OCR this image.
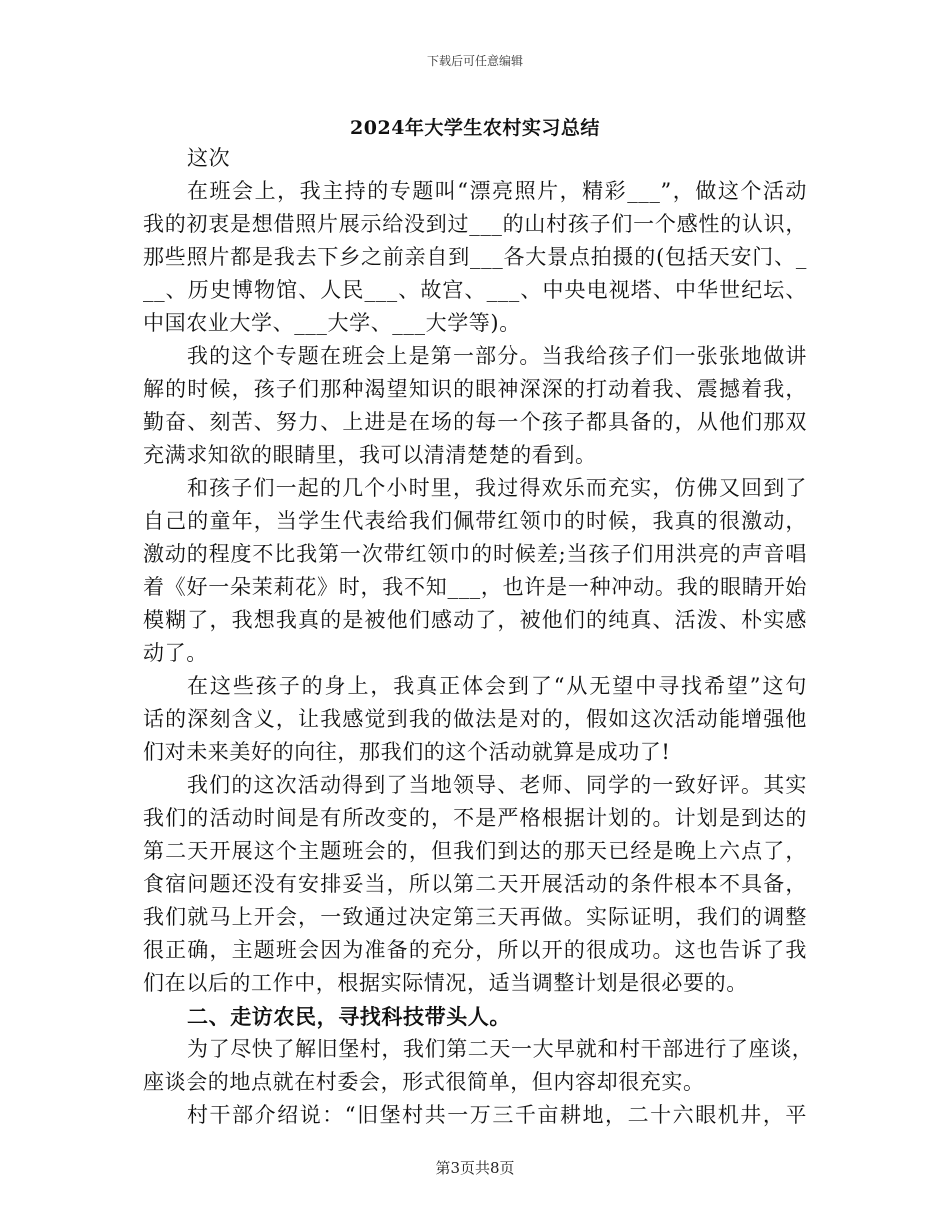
下载后可任意编辑
2024年大学生农村实习总结
这次
在班会上，我主持的专题叫“漂亮照片，精彩___”，做这个活动
我的初衷是想借照片展示给没到过___的山村孩子们一个感性的认识，
那些照片都是我去下乡之前亲自到___各大景点拍摄的(包括天安门、_
__、历史博物馆、人民___、故宫、___、中央电视塔、中华世纪坛、
中国农业大学、___大学、___大学等)。
我的这个专题在班会上是第一部分。当我给孩子们一张张地做讲
解的时候，孩子们那种渴望知识的眼神深深的打动着我、震撼着我，
勤奋、刻苦、努力、上进是在场的每一个孩子都具备的，从他们那双
充满求知欲的眼睛里，我可以清清楚楚的看到。
和孩子们一起的几个小时里，我过得欢乐而充实，仿佛又回到了
自己的童年，当学生代表给我们佩带红领巾的时候，我真的很激动，
激动的程度不比我第一次带红领巾的时候差;当孩子们用洪亮的声音唱
着《好一朵茉莉花》时，我不知___，也许是一种冲动。我的眼睛开始
模糊了，我想我真的是被他们感动了，被他们的纯真、活泼、朴实感
动了。
在这些孩子的身上，我真正体会到了“从无望中寻找希望”这句
话的深刻含义，让我感觉到我的做法是对的，假如这次活动能增强他
们对未来美好的向往，那我们的这个活动就算是成功了!
我们的这次活动得到了当地领导、老师、同学的一致好评。其实
我们的活动时间是有所改变的，不是严格根据计划的。计划是到达的
第二天开展这个主题班会的，但我们到达的那天已经是晚上六点了，
食宿问题还没有安排妥当，所以第二天开展活动的条件根本不具备，
我们就马上开会，一致通过决定第三天再做。实际证明，我们的调整
很正确，主题班会因为准备的充分，所以开的很成功。这也告诉了我
们在以后的工作中，根据实际情况，适当调整计划是很必要的。
二、走访农民，寻找科技带头人。
为了尽快了解旧堡村，我们第二天一大早就和村干部进行了座谈，
座谈会的地点就在村委会，形式很简单，但内容却很充实。
村干部介绍说：“旧堡村共一万三千亩耕地，二十六眼机井，平
第3页共8页
